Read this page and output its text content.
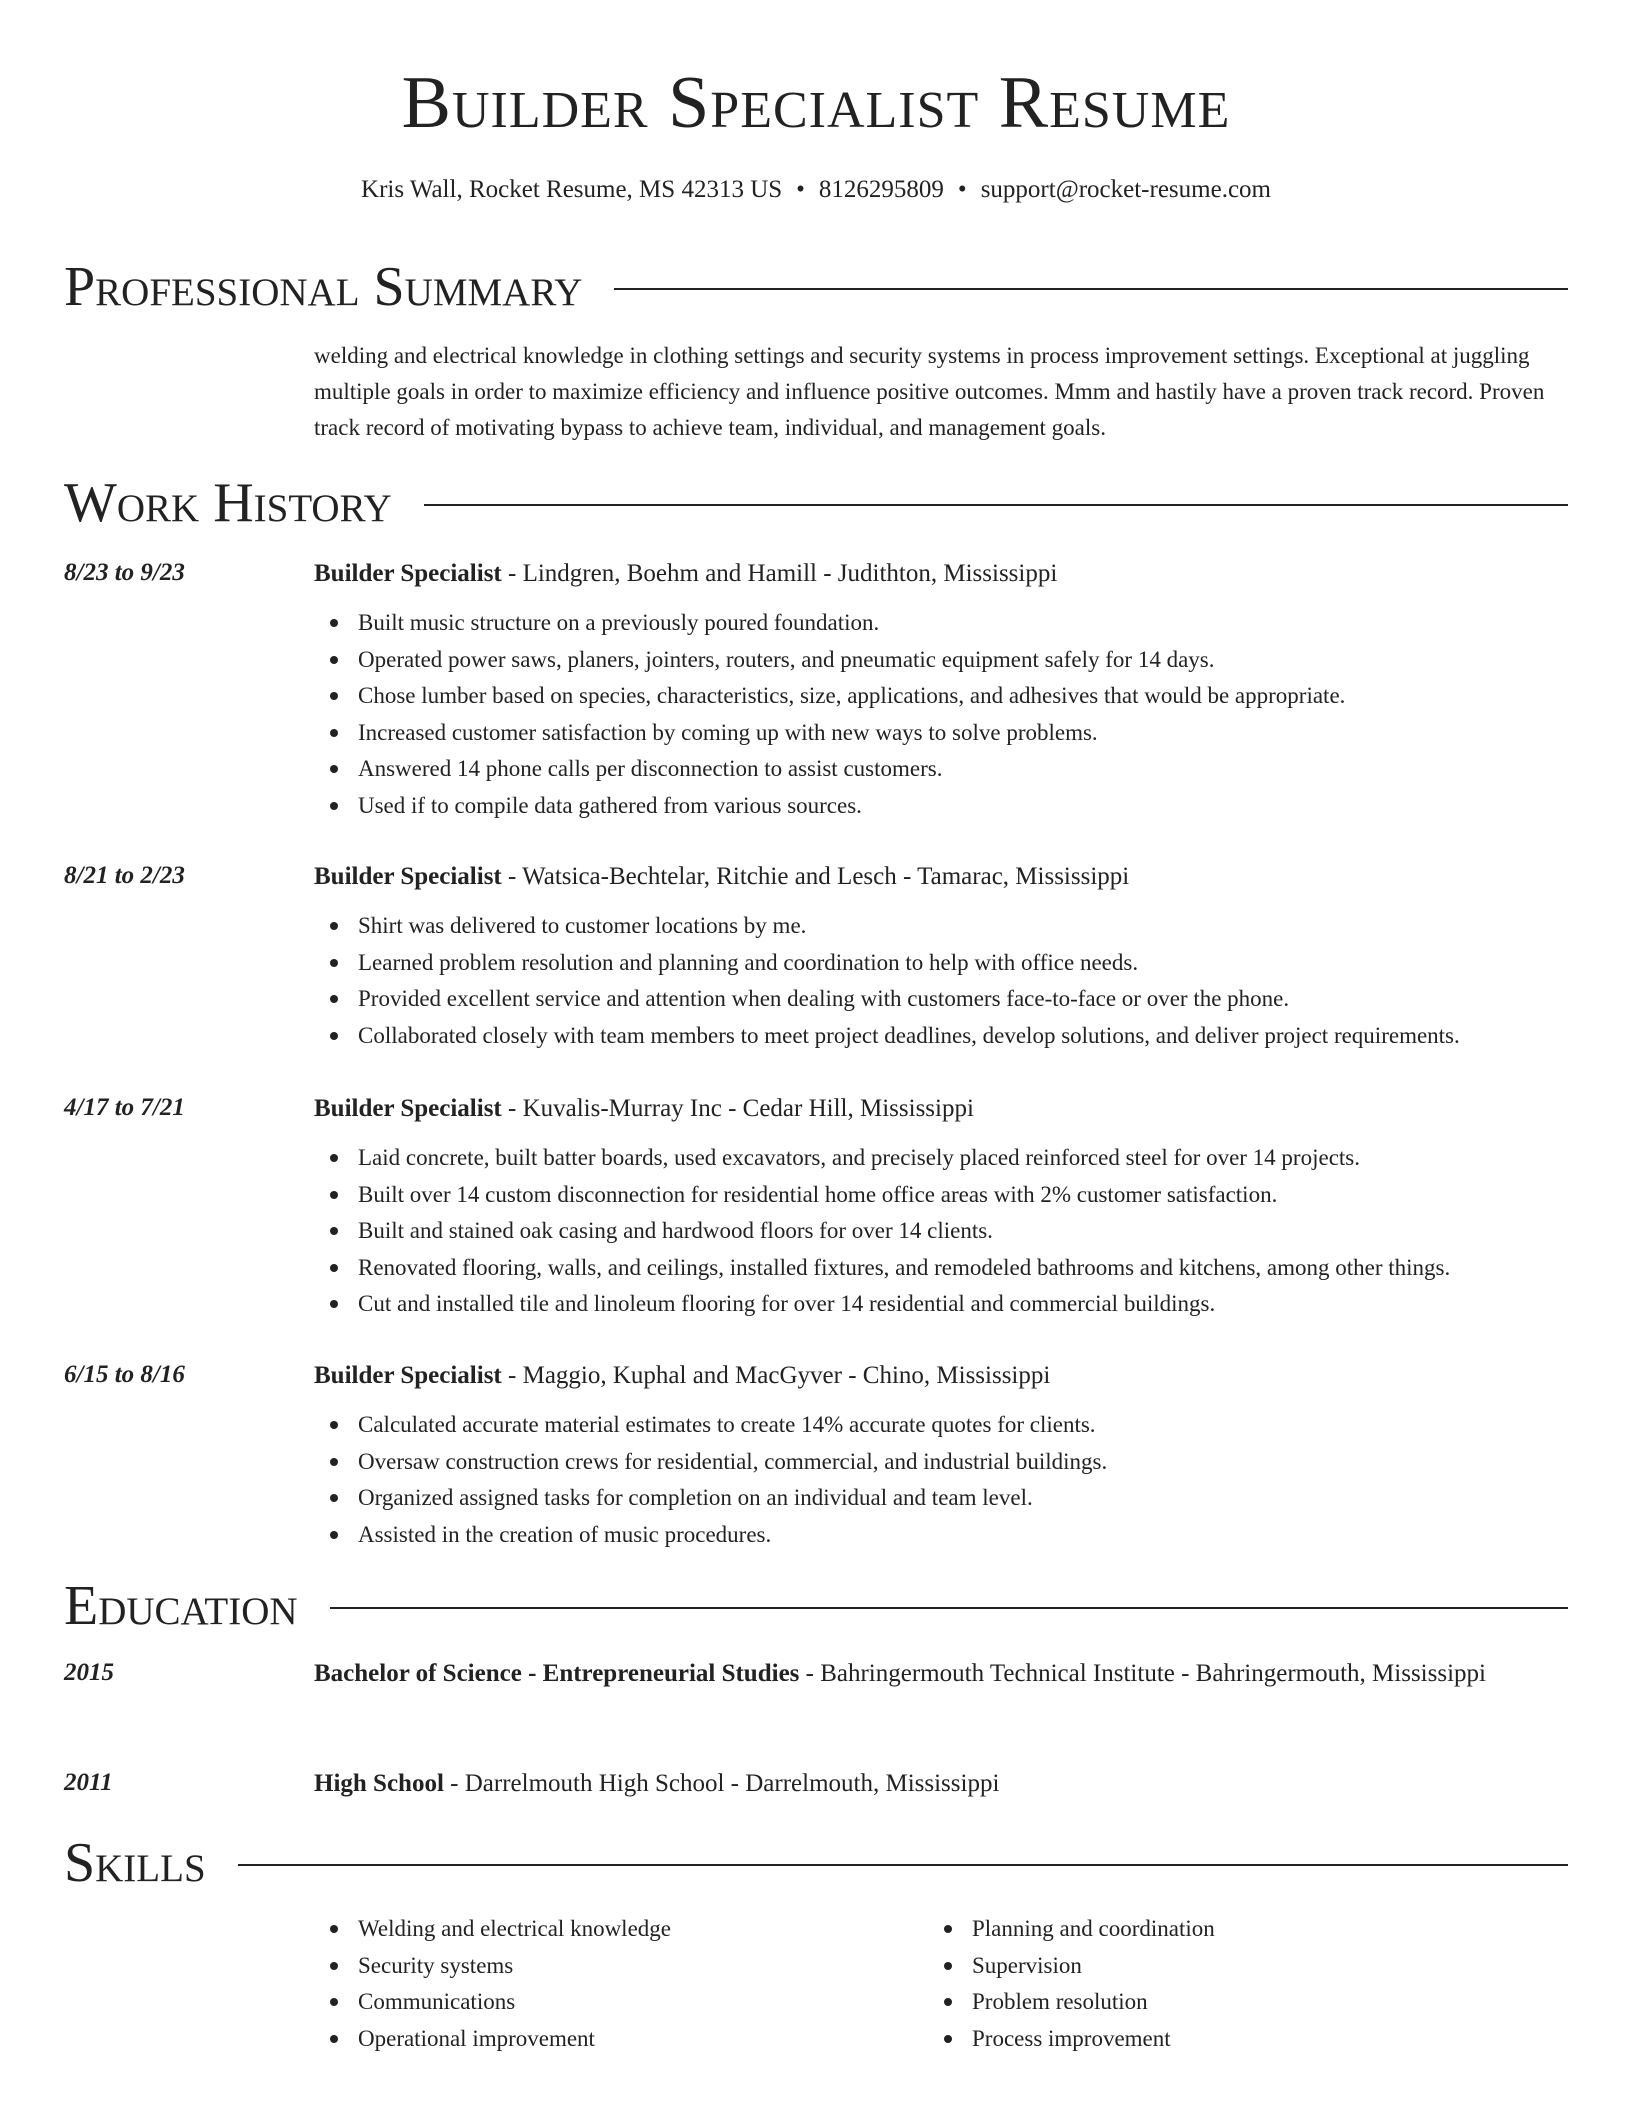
Builder Specialist Resume
Kris Wall, Rocket Resume, MS 42313 US • 8126295809 • support@rocket-resume.com
Professional Summary
welding and electrical knowledge in clothing settings and security systems in process improvement settings. Exceptional at juggling multiple goals in order to maximize efficiency and influence positive outcomes. Mmm and hastily have a proven track record. Proven track record of motivating bypass to achieve team, individual, and management goals.
Work History
8/23 to 9/23	Builder Specialist - Lindgren, Boehm and Hamill - Judithton, Mississippi
Built music structure on a previously poured foundation.
Operated power saws, planers, jointers, routers, and pneumatic equipment safely for 14 days.
Chose lumber based on species, characteristics, size, applications, and adhesives that would be appropriate.
Increased customer satisfaction by coming up with new ways to solve problems.
Answered 14 phone calls per disconnection to assist customers.
Used if to compile data gathered from various sources.
8/21 to 2/23	Builder Specialist - Watsica-Bechtelar, Ritchie and Lesch - Tamarac, Mississippi
Shirt was delivered to customer locations by me.
Learned problem resolution and planning and coordination to help with office needs.
Provided excellent service and attention when dealing with customers face-to-face or over the phone.
Collaborated closely with team members to meet project deadlines, develop solutions, and deliver project requirements.
4/17 to 7/21	Builder Specialist - Kuvalis-Murray Inc - Cedar Hill, Mississippi
Laid concrete, built batter boards, used excavators, and precisely placed reinforced steel for over 14 projects.
Built over 14 custom disconnection for residential home office areas with 2% customer satisfaction.
Built and stained oak casing and hardwood floors for over 14 clients.
Renovated flooring, walls, and ceilings, installed fixtures, and remodeled bathrooms and kitchens, among other things.
Cut and installed tile and linoleum flooring for over 14 residential and commercial buildings.
6/15 to 8/16	Builder Specialist - Maggio, Kuphal and MacGyver - Chino, Mississippi
Calculated accurate material estimates to create 14% accurate quotes for clients.
Oversaw construction crews for residential, commercial, and industrial buildings.
Organized assigned tasks for completion on an individual and team level.
Assisted in the creation of music procedures.
Education
2015	Bachelor of Science - Entrepreneurial Studies - Bahringermouth Technical Institute - Bahringermouth, Mississippi
2011	High School - Darrelmouth High School - Darrelmouth, Mississippi
Skills
Welding and electrical knowledge
Security systems
Communications
Operational improvement
Planning and coordination
Supervision
Problem resolution
Process improvement
